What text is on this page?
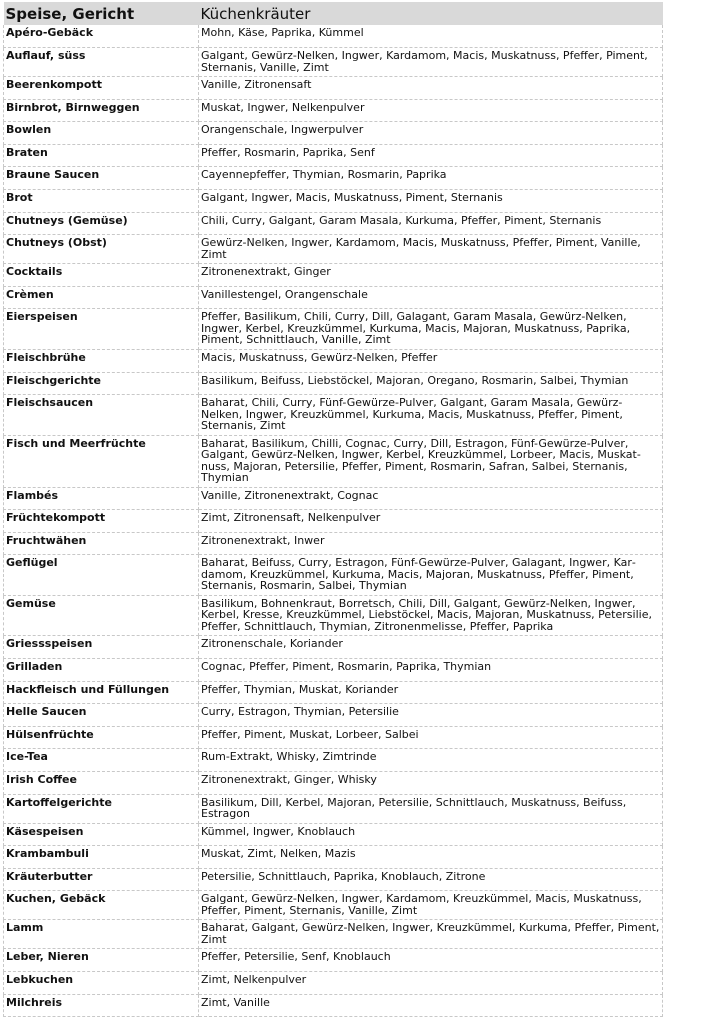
Speise, Gericht	Küchenkräuter
Apéro-Gebäck	Mohn, Käse, Paprika, Kümmel
Auflauf, süss	Galgant, Gewürz-Nelken, Ingwer, Kardamom, Macis, Muskatnuss, Pfeffer, Piment, Sternanis, Vanille, Zimt
Beerenkompott	Vanille, Zitronensaft
Birnbrot, Birnweggen	Muskat, Ingwer, Nelkenpulver
Bowlen	Orangenschale, Ingwerpulver
Braten	Pfeffer, Rosmarin, Paprika, Senf
Braune Saucen	Cayennepfeffer, Thymian, Rosmarin, Paprika
Brot	Galgant, Ingwer, Macis, Muskatnuss, Piment, Sternanis
Chutneys (Gemüse)	Chili, Curry, Galgant, Garam Masala, Kurkuma, Pfeffer, Piment, Sternanis
Chutneys (Obst)	Gewürz-Nelken, Ingwer, Kardamom, Macis, Muskatnuss, Pfeffer, Piment, Vanille, Zimt
Cocktails	Zitronenextrakt, Ginger
Crèmen	Vanillestengel, Orangenschale
Eierspeisen	Pfeffer, Basilikum, Chili, Curry, Dill, Galagant, Garam Masala, Gewürz-Nelken, Ingwer, Kerbel, Kreuzkümmel, Kurkuma, Macis, Majoran, Muskatnuss, Paprika, Piment, Schnittlauch, Vanille, Zimt
Fleischbrühe	Macis, Muskatnuss, Gewürz-Nelken, Pfeffer
Fleischgerichte	Basilikum, Beifuss, Liebstöckel, Majoran, Oregano, Rosmarin, Salbei, Thymian
Fleischsaucen	Baharat, Chili, Curry, Fünf-Gewürze-Pulver, Galgant, Garam Masala, Gewürz-Nelken, Ingwer, Kreuzkümmel, Kurkuma, Macis, Muskatnuss, Pfeffer, Piment, Sternanis, Zimt
Fisch und Meerfrüchte	Baharat, Basilikum, Chilli, Cognac, Curry, Dill, Estragon, Fünf-Gewürze-Pulver, Galgant, Gewürz-Nelken, Ingwer, Kerbel, Kreuzkümmel, Lorbeer, Macis, Muskatnuss, Majoran, Petersilie, Pfeffer, Piment, Rosmarin, Safran, Salbei, Sternanis, Thymian
Flambés	Vanille, Zitronenextrakt, Cognac
Früchtekompott	Zimt, Zitronensaft, Nelkenpulver
Fruchtwähen	Zitronenextrakt, Inwer
Geflügel	Baharat, Beifuss, Curry, Estragon, Fünf-Gewürze-Pulver, Galagant, Ingwer, Kardamom, Kreuzkümmel, Kurkuma, Macis, Majoran, Muskatnuss, Pfeffer, Piment, Sternanis, Rosmarin, Salbei, Thymian
Gemüse	Basilikum, Bohnenkraut, Borretsch, Chili, Dill, Galgant, Gewürz-Nelken, Ingwer, Kerbel, Kresse, Kreuzkümmel, Liebstöckel, Macis, Majoran, Muskatnuss, Petersilie, Pfeffer, Schnittlauch, Thymian, Zitronenmelisse, Pfeffer, Paprika
Griessspeisen	Zitronenschale, Koriander
Grilladen	Cognac, Pfeffer, Piment, Rosmarin, Paprika, Thymian
Hackfleisch und Füllungen	Pfeffer, Thymian, Muskat, Koriander
Helle Saucen	Curry, Estragon, Thymian, Petersilie
Hülsenfrüchte	Pfeffer, Piment, Muskat, Lorbeer, Salbei
Ice-Tea	Rum-Extrakt, Whisky, Zimtrinde
Irish Coffee	Zitronenextrakt, Ginger, Whisky
Kartoffelgerichte	Basilikum, Dill, Kerbel, Majoran, Petersilie, Schnittlauch, Muskatnuss, Beifuss, Estragon
Käsespeisen	Kümmel, Ingwer, Knoblauch
Krambambuli	Muskat, Zimt, Nelken, Mazis
Kräuterbutter	Petersilie, Schnittlauch, Paprika, Knoblauch, Zitrone
Kuchen, Gebäck	Galgant, Gewürz-Nelken, Ingwer, Kardamom, Kreuzkümmel, Macis, Muskatnuss, Pfeffer, Piment, Sternanis, Vanille, Zimt
Lamm	Baharat, Galgant, Gewürz-Nelken, Ingwer, Kreuzkümmel, Kurkuma, Pfeffer, Piment, Zimt
Leber, Nieren	Pfeffer, Petersilie, Senf, Knoblauch
Lebkuchen	Zimt, Nelkenpulver
Milchreis	Zimt, Vanille
